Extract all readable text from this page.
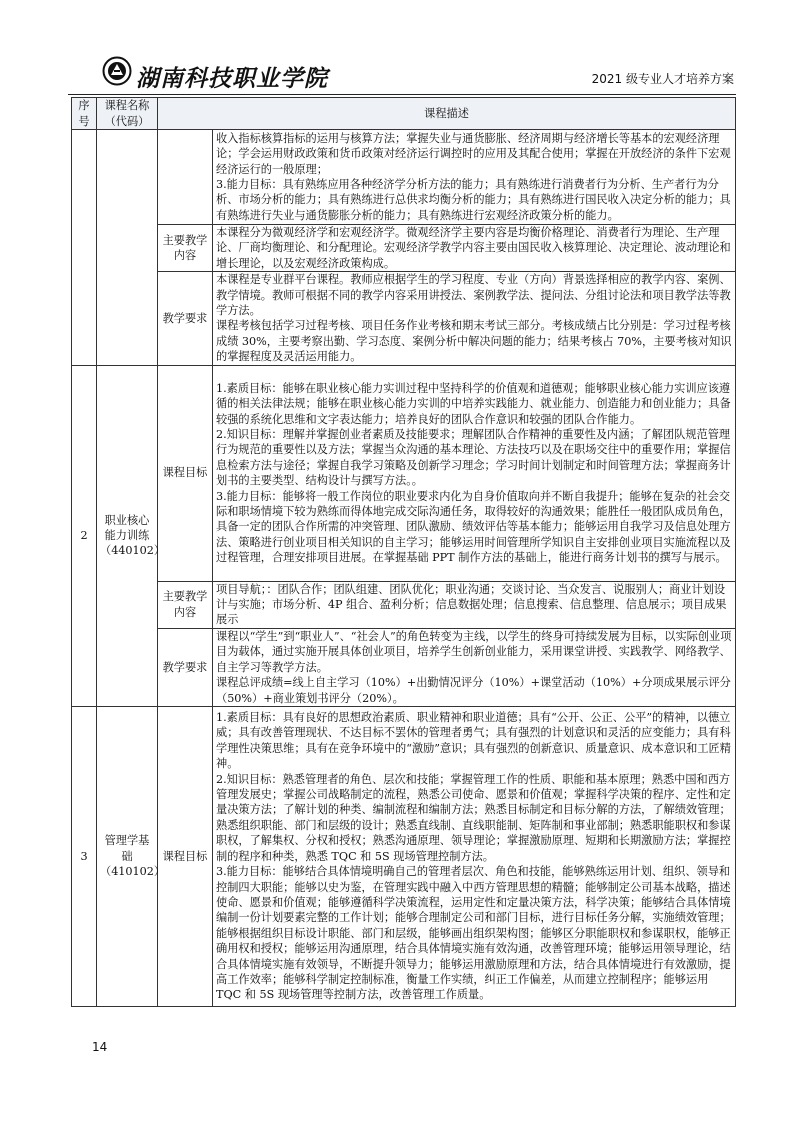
湖南科技职业学院	2021 级专业人才培养方案
序号	课程名称（代码）	课程描述	

			收入指标核算指标的运用与核算方法；掌握失业与通货膨胀、经济周期与经济增长等基本的宏观经济理论；学会运用财政政策和货币政策对经济运行调控时的应用及其配合使用；掌握在开放经济的条件下宏观经济运行的一般原理；
3.能力目标：具有熟练应用各种经济学分析方法的能力；具有熟练进行消费者行为分析、生产者行为分析、市场分析的能力；具有熟练进行总供求均衡分析的能力；具有熟练进行国民收入决定分析的能力；具有熟练进行失业与通货膨胀分析的能力；具有熟练进行宏观经济政策分析的能力。

		主要教学内容	本课程分为微观经济学和宏观经济学。微观经济学主要内容是均衡价格理论、消费者行为理论、生产理论、厂商均衡理论、和分配理论。宏观经济学教学内容主要由国民收入核算理论、决定理论、波动理论和增长理论，以及宏观经济政策构成。
		教学要求	本课程是专业群平台课程。教师应根据学生的学习程度、专业（方向）背景选择相应的教学内容、案例、教学情境。教师可根据不同的教学内容采用讲授法、案例教学法、提问法、分组讨论法和项目教学法等教学方法。
课程考核包括学习过程考核、项目任务作业考核和期末考试三部分。考核成绩占比分别是：学习过程考核成绩 30%，主要考察出勤、学习态度、案例分析中解决问题的能力；结果考核占 70%，主要考核对知识的掌握程度及灵活运用能力。

2	职业核心能力训练（440102）	课程目标	1.素质目标：能够在职业核心能力实训过程中坚持科学的价值观和道德观；能够职业核心能力实训应该遵循的相关法律法规；能够在职业核心能力实训的中培养实践能力、就业能力、创造能力和创业能力；具备较强的系统化思维和文字表达能力；培养良好的团队合作意识和较强的团队合作能力。
2.知识目标：理解并掌握创业者素质及技能要求；理解团队合作精神的重要性及内涵；了解团队规范管理行为规范的重要性以及方法；掌握当众沟通的基本理论、方法技巧以及在职场交往中的重要作用；掌握信息检索方法与途径；掌握自我学习策略及创新学习理念；学习时间计划制定和时间管理方法；掌握商务计划书的主要类型、结构设计与撰写方法。。
3.能力目标：能够将一般工作岗位的职业要求内化为自身价值取向并不断自我提升；能够在复杂的社会交际和职场情境下较为熟练而得体地完成交际沟通任务，取得较好的沟通效果；能胜任一般团队成员角色，具备一定的团队合作所需的冲突管理、团队激励、绩效评估等基本能力；能够运用自我学习及信息处理方法、策略进行创业项目相关知识的自主学习；能够运用时间管理所学知识自主安排创业项目实施流程以及过程管理，合理安排项目进展。在掌握基础 PPT 制作方法的基础上，能进行商务计划书的撰写与展示。

		主要教学内容	项目导航；：团队合作；团队组建、团队优化；职业沟通；交谈讨论、当众发言、说服别人；商业计划设计与实施；市场分析、4P 组合、盈利分析；信息数据处理；信息搜索、信息整理、信息展示；项目成果展示
		教学要求	课程以“学生”到“职业人”、“社会人”的角色转变为主线，以学生的终身可持续发展为目标，以实际创业项目为载体，通过实施开展具体创业项目，培养学生创新创业能力，采用课堂讲授、实践教学、网络教学、自主学习等教学方法。
课程总评成绩=线上自主学习（10%）+出勤情况评分（10%）+课堂活动（10%）+分项成果展示评分（50%）+商业策划书评分（20%）。

3	管理学基础（410102）	课程目标	1.素质目标：具有良好的思想政治素质、职业精神和职业道德；具有“公开、公正、公平”的精神，以德立威；具有改善管理现状、不达目标不罢休的管理者勇气；具有强烈的计划意识和灵活的应变能力；具有科学理性决策思维；具有在竞争环境中的“激励”意识；具有强烈的创新意识、质量意识、成本意识和工匠精神。
2.知识目标：熟悉管理者的角色、层次和技能；掌握管理工作的性质、职能和基本原理；熟悉中国和西方管理发展史；掌握公司战略制定的流程，熟悉公司使命、愿景和价值观；掌握科学决策的程序、定性和定量决策方法；了解计划的种类、编制流程和编制方法；熟悉目标制定和目标分解的方法，了解绩效管理；熟悉组织职能、部门和层级的设计；熟悉直线制、直线职能制、矩阵制和事业部制；熟悉职能职权和参谋职权，了解集权、分权和授权；熟悉沟通原理、领导理论；掌握激励原理、短期和长期激励方法；掌握控制的程序和种类，熟悉 TQC 和 5S 现场管理控制方法。
3.能力目标：能够结合具体情境明确自己的管理者层次、角色和技能，能够熟练运用计划、组织、领导和控制四大职能；能够以史为鉴，在管理实践中融入中西方管理思想的精髓；能够制定公司基本战略，描述使命、愿景和价值观；能够遵循科学决策流程，运用定性和定量决策方法，科学决策；能够结合具体情境编制一份计划要素完整的工作计划；能够合理制定公司和部门目标，进行目标任务分解，实施绩效管理；能够根据组织目标设计职能、部门和层级，能够画出组织架构图；能够区分职能职权和参谋职权，能够正确用权和授权；能够运用沟通原理，结合具体情境实施有效沟通，改善管理环境；能够运用领导理论，结合具体情境实施有效领导，不断提升领导力；能够运用激励原理和方法，结合具体情境进行有效激励，提高工作效率；能够科学制定控制标准，衡量工作实绩，纠正工作偏差，从而建立控制程序；能够运用 TQC 和 5S 现场管理等控制方法，改善管理工作质量。
14
